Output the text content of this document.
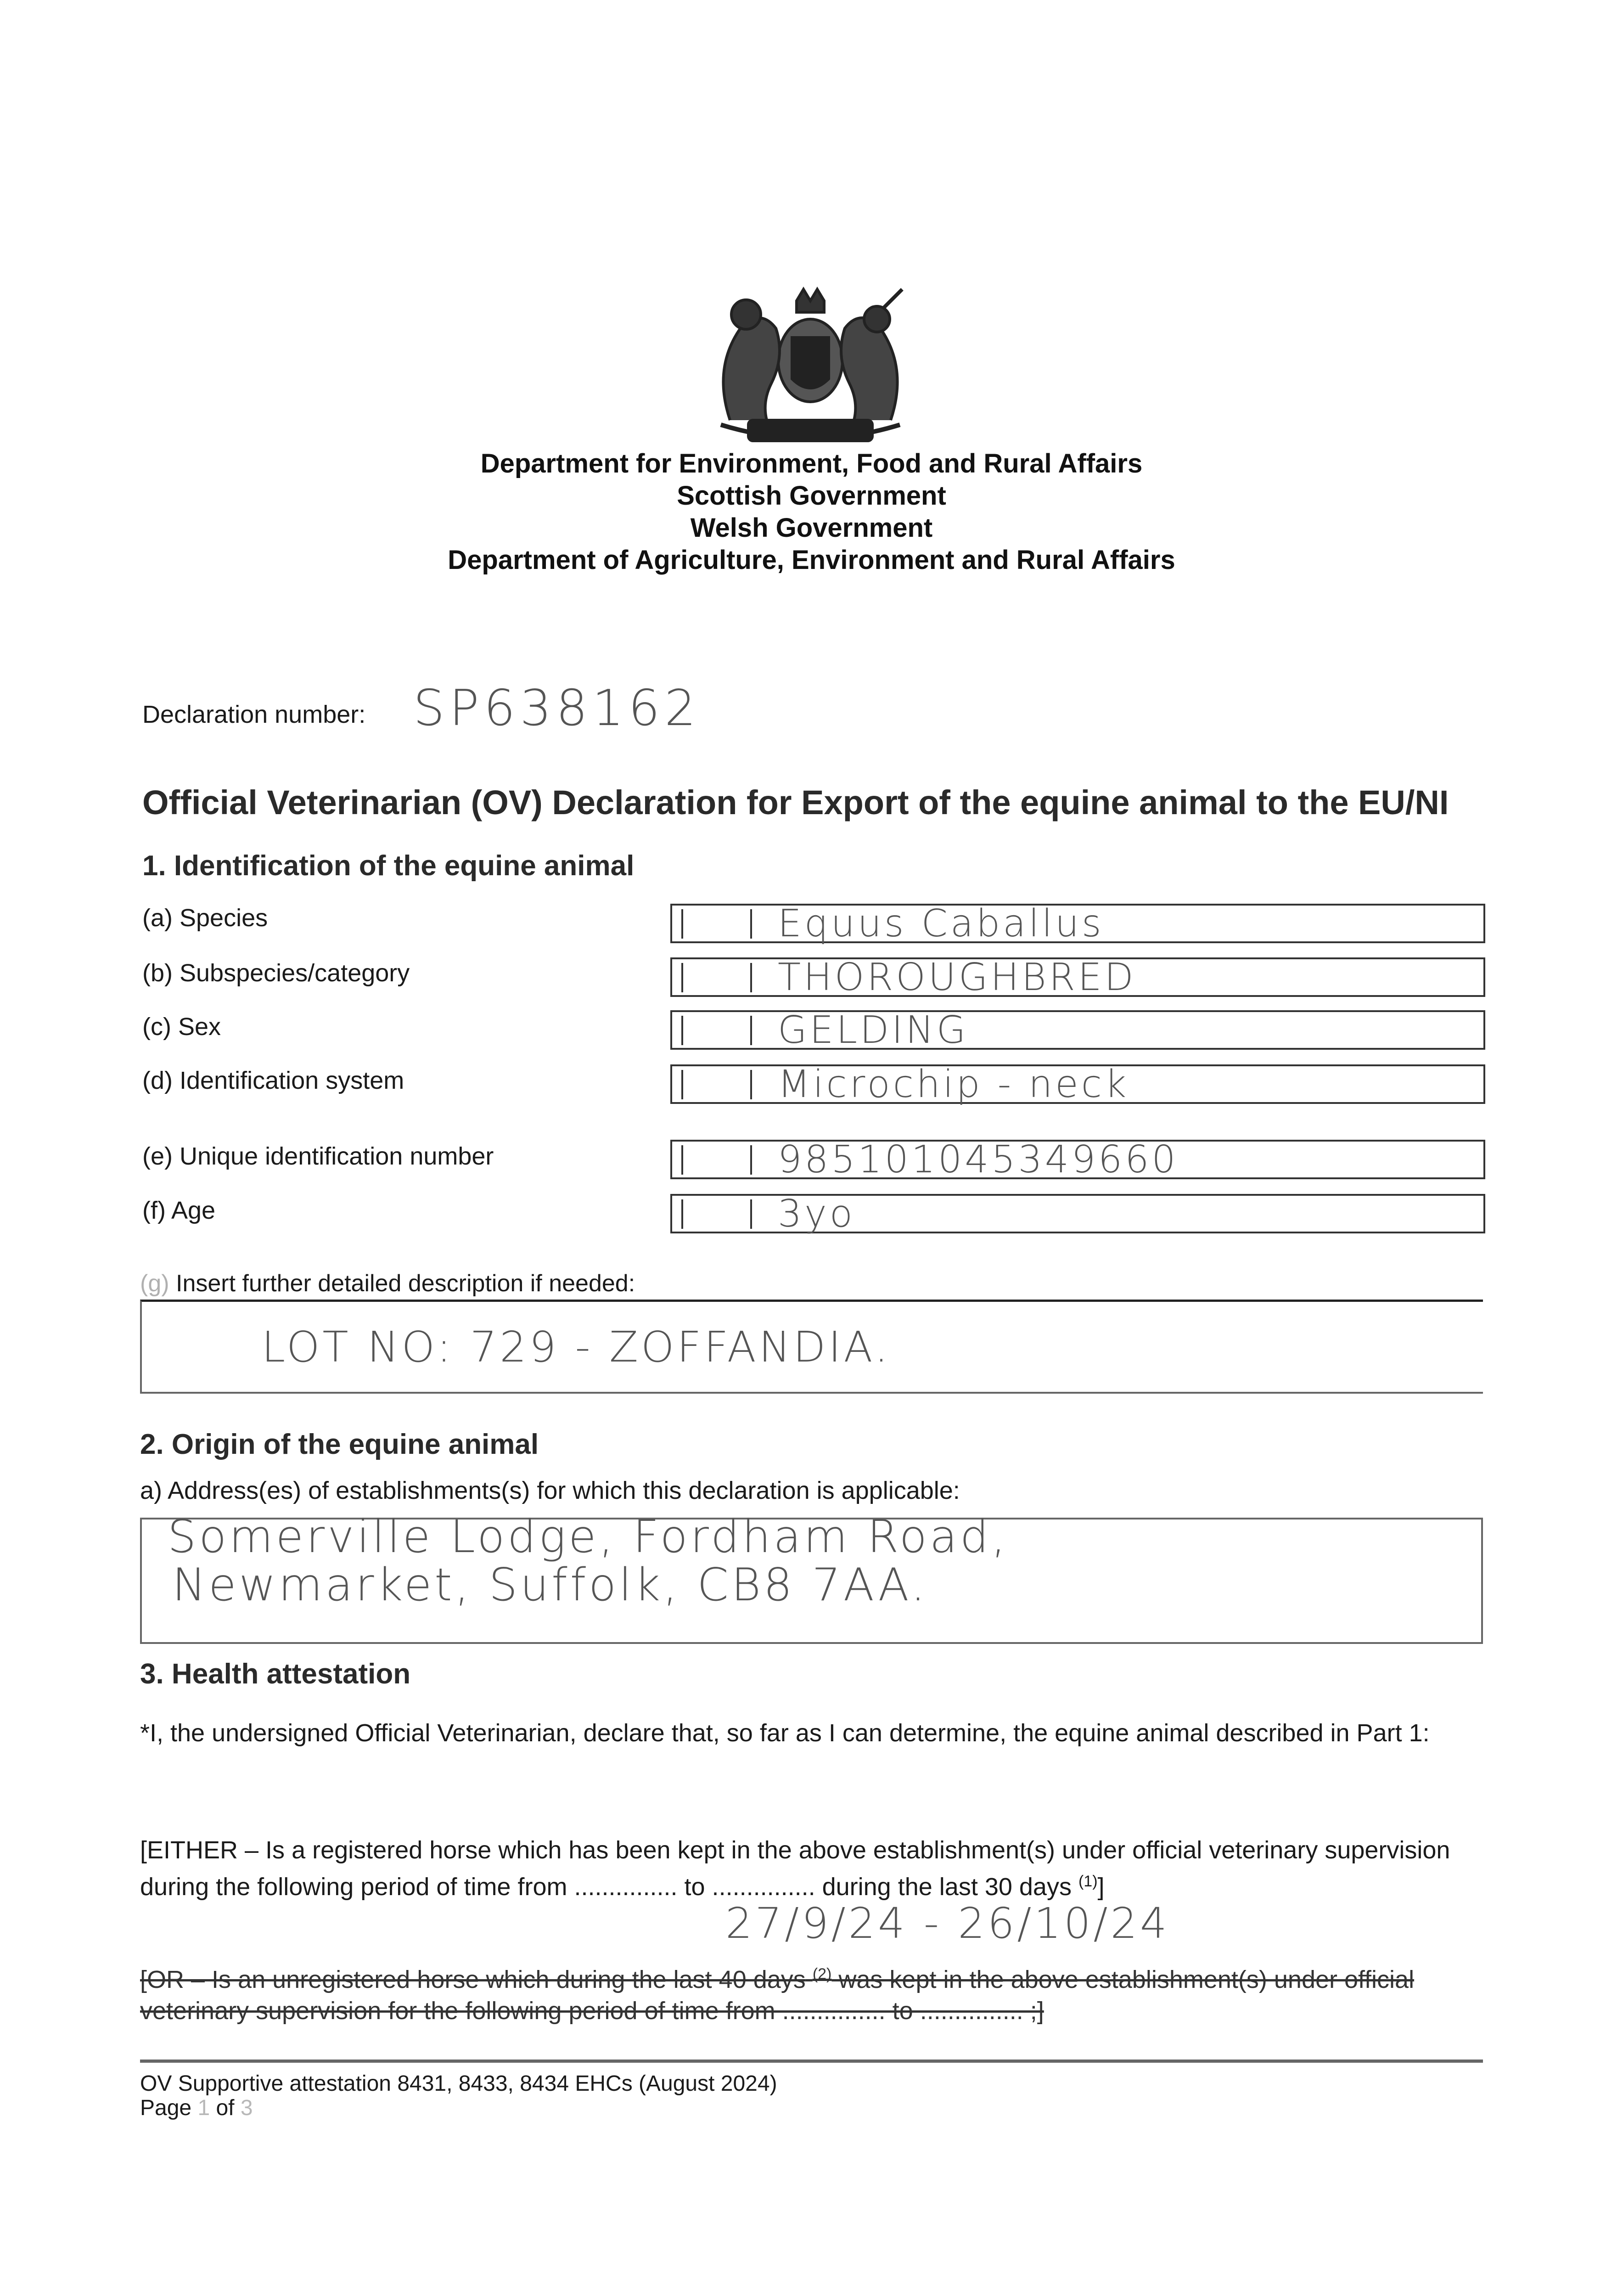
Department for Environment, Food and Rural Affairs
Scottish Government
Welsh Government
Department of Agriculture, Environment and Rural Affairs
Declaration number: SP638162
Official Veterinarian (OV) Declaration for Export of the equine animal to the EU/NI
1. Identification of the equine animal
(a) Species	Equus Caballus
(b) Subspecies/category	THOROUGHBRED
(c) Sex	GELDING
(d) Identification system	Microchip - neck
(e) Unique identification number	985101045349660
(f) Age	3yo
(g) Insert further detailed description if needed:
LOT NO: 729 - ZOFFANDIA.
2. Origin of the equine animal
a) Address(es) of establishments(s) for which this declaration is applicable:
Somerville Lodge, Fordham Road,
Newmarket, Suffolk, CB8 7AA.
3. Health attestation
*I, the undersigned Official Veterinarian, declare that, so far as I can determine, the equine animal described in Part 1:
[EITHER – Is a registered horse which has been kept in the above establishment(s) under official veterinary supervision during the following period of time from ............... to ............... during the last 30 days $^{(1)}$]
27/9/24 - 26/10/24
[OR – Is an unregistered horse which during the last 40 days $^{(2)}$ was kept in the above establishment(s) under official veterinary supervision for the following period of time from ............... to ............... ;]
OV Supportive attestation 8431, 8433, 8434 EHCs (August 2024)
Page 1 of 3
